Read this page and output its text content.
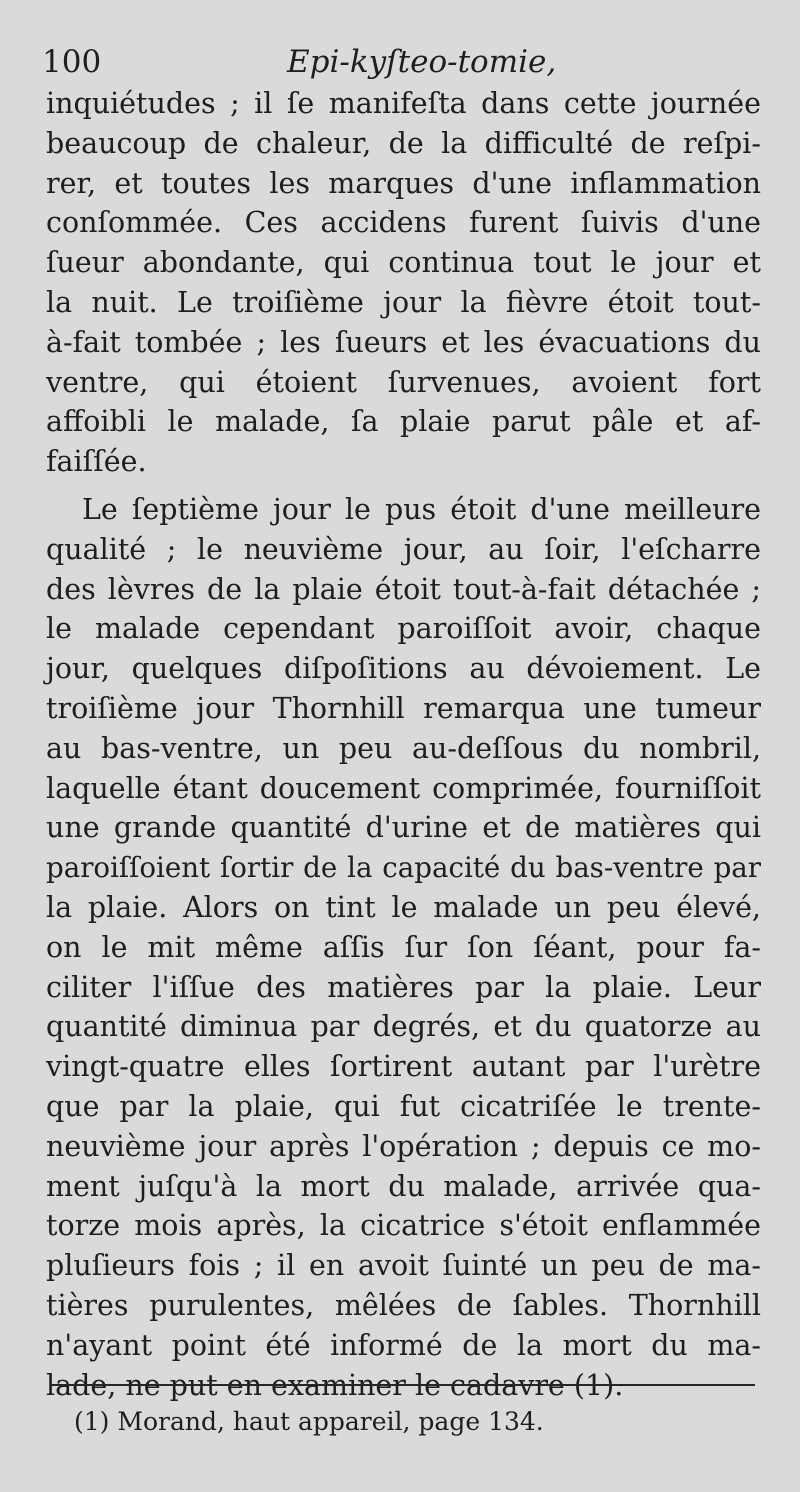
100	Epi-kyſteo-tomie,
inquiétudes ; il ſe manifeſta dans cette journée
beaucoup de chaleur, de la difficulté de reſpi-
rer, et toutes les marques d'une inflammation
conſommée. Ces accidens furent ſuivis d'une
ſueur abondante, qui continua tout le jour et
la nuit. Le troiſième jour la fièvre étoit tout-
à-fait tombée ; les ſueurs et les évacuations du
ventre, qui étoient ſurvenues, avoient fort
affoibli le malade, ſa plaie parut pâle et af-
faiſſée.
Le ſeptième jour le pus étoit d'une meilleure
qualité ; le neuvième jour, au ſoir, l'eſcharre
des lèvres de la plaie étoit tout-à-fait détachée ;
le malade cependant paroiſſoit avoir, chaque
jour, quelques diſpoſitions au dévoiement. Le
troiſième jour Thornhill remarqua une tumeur
au bas-ventre, un peu au-deſſous du nombril,
laquelle étant doucement comprimée, fourniſſoit
une grande quantité d'urine et de matières qui
paroiſſoient ſortir de la capacité du bas-ventre par
la plaie. Alors on tint le malade un peu élevé,
on le mit même aſſis ſur ſon ſéant, pour fa-
ciliter l'iſſue des matières par la plaie. Leur
quantité diminua par degrés, et du quatorze au
vingt-quatre elles ſortirent autant par l'urètre
que par la plaie, qui fut cicatriſée le trente-
neuvième jour après l'opération ; depuis ce mo-
ment juſqu'à la mort du malade, arrivée qua-
torze mois après, la cicatrice s'étoit enflammée
pluſieurs fois ; il en avoit ſuinté un peu de ma-
tières purulentes, mêlées de ſables. Thornhill
n'ayant point été informé de la mort du ma-
lade, ne put en examiner le cadavre (1).
(1) Morand, haut appareil, page 134.
